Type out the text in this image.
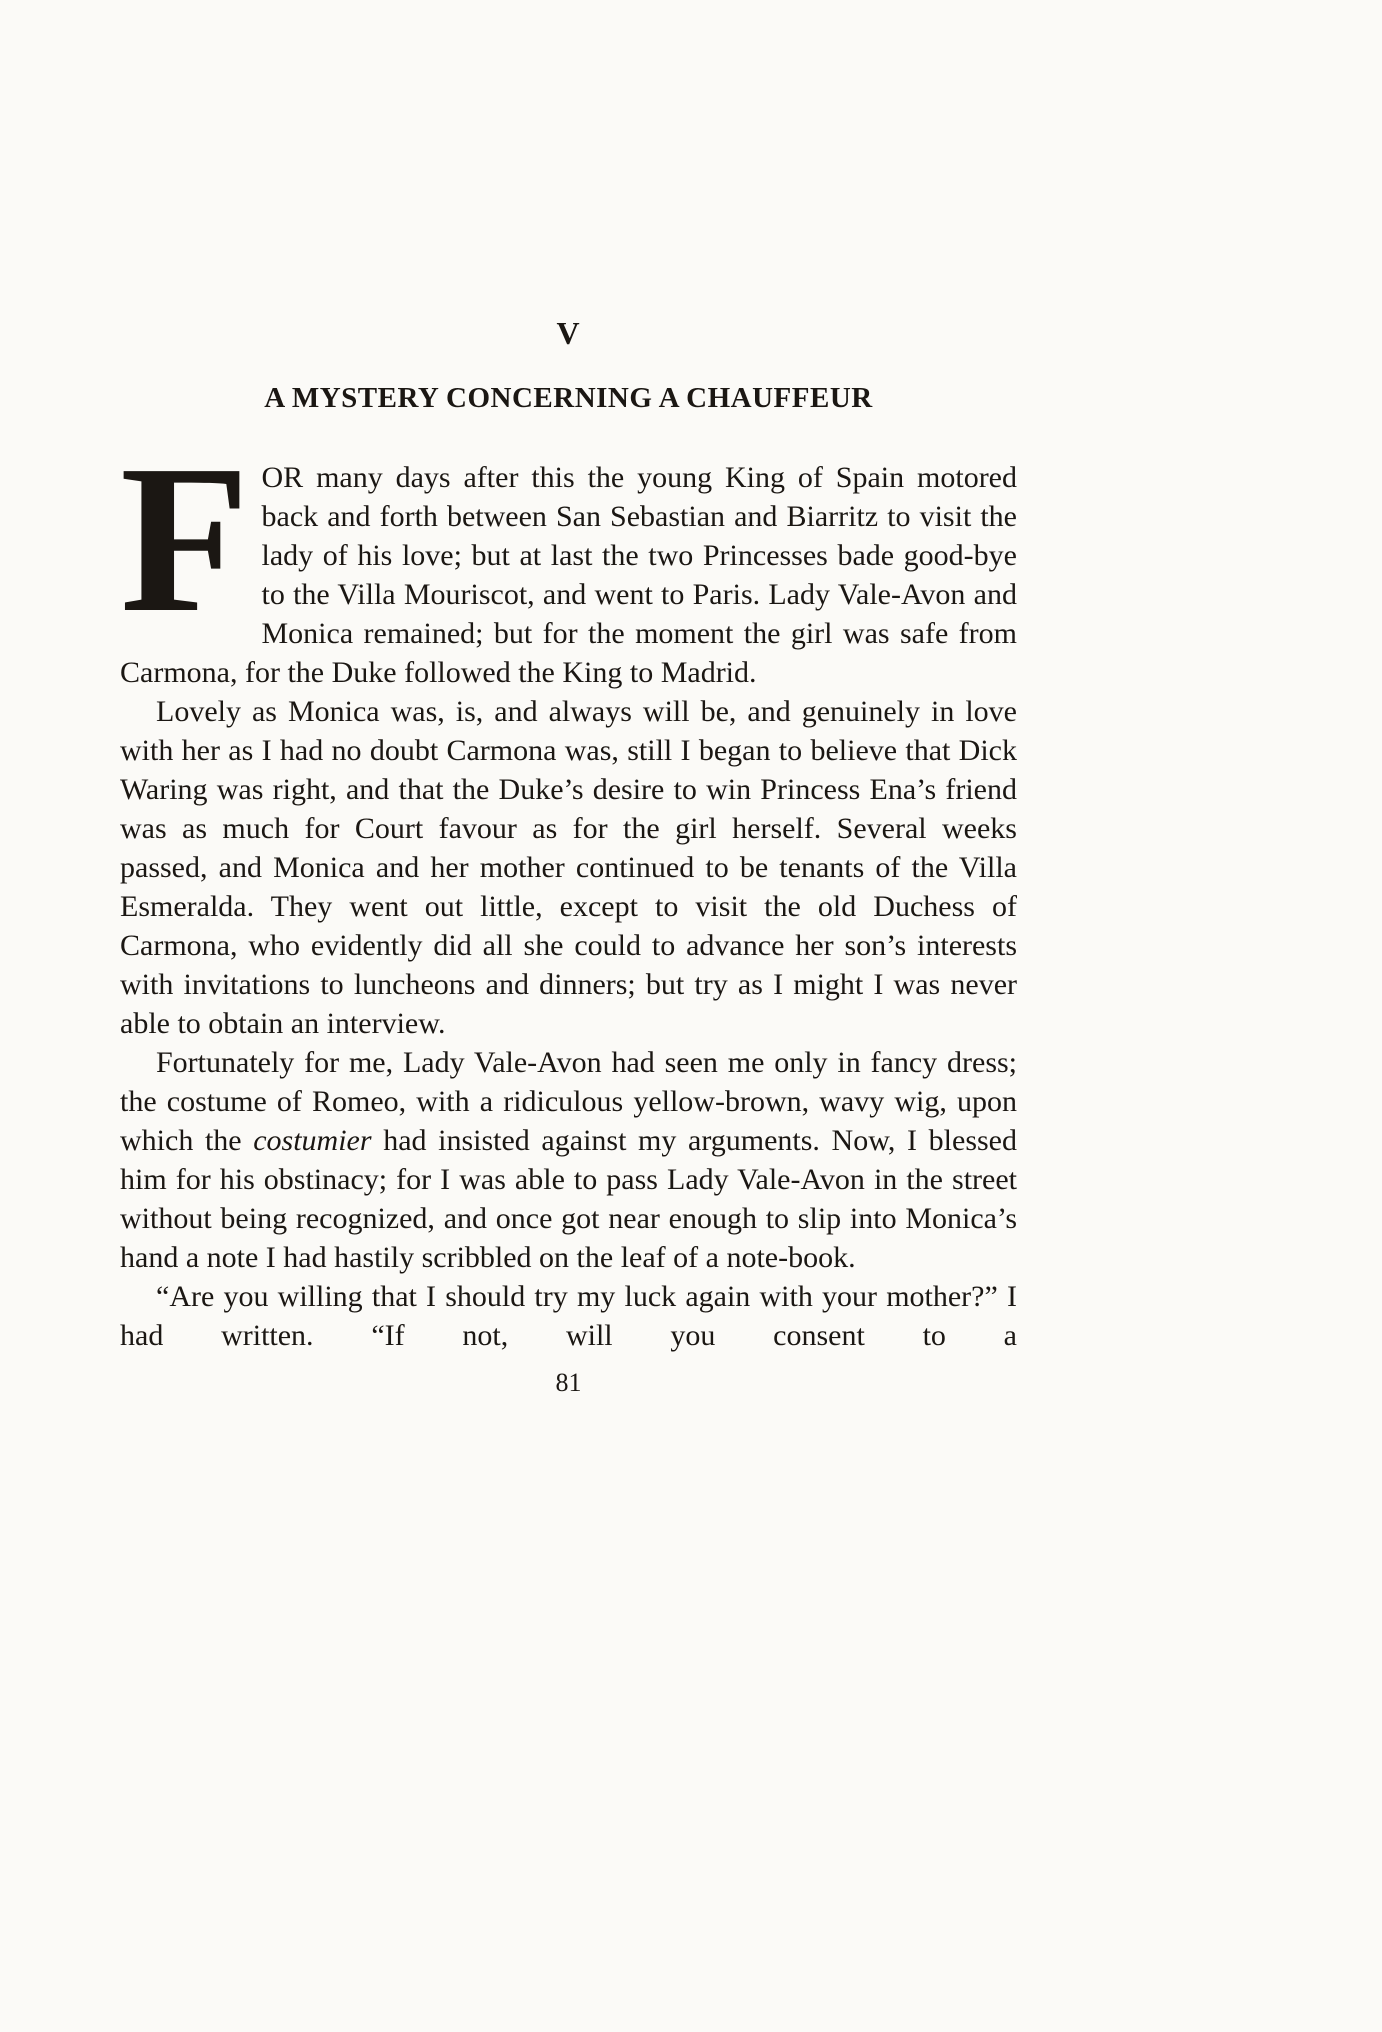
V
A MYSTERY CONCERNING A CHAUFFEUR

FOR many days after this the young King of Spain motored back and forth between San Sebastian and Biarritz to visit the lady of his love; but at last the two Princesses bade good-bye to the Villa Mouriscot, and went to Paris. Lady Vale-Avon and Monica remained; but for the moment the girl was safe from Carmona, for the Duke followed the King to Madrid.

Lovely as Monica was, is, and always will be, and genuinely in love with her as I had no doubt Carmona was, still I began to believe that Dick Waring was right, and that the Duke’s desire to win Princess Ena’s friend was as much for Court favour as for the girl herself. Several weeks passed, and Monica and her mother continued to be tenants of the Villa Esmeralda. They went out little, except to visit the old Duchess of Carmona, who evidently did all she could to advance her son’s interests with invitations to luncheons and dinners; but try as I might I was never able to obtain an interview.

Fortunately for me, Lady Vale-Avon had seen me only in fancy dress; the costume of Romeo, with a ridiculous yellow-brown, wavy wig, upon which the costumier had insisted against my arguments. Now, I blessed him for his obstinacy; for I was able to pass Lady Vale-Avon in the street without being recognized, and once got near enough to slip into Monica’s hand a note I had hastily scribbled on the leaf of a note-book.

“Are you willing that I should try my luck again with your mother?” I had written. “If not, will you consent to a

81
